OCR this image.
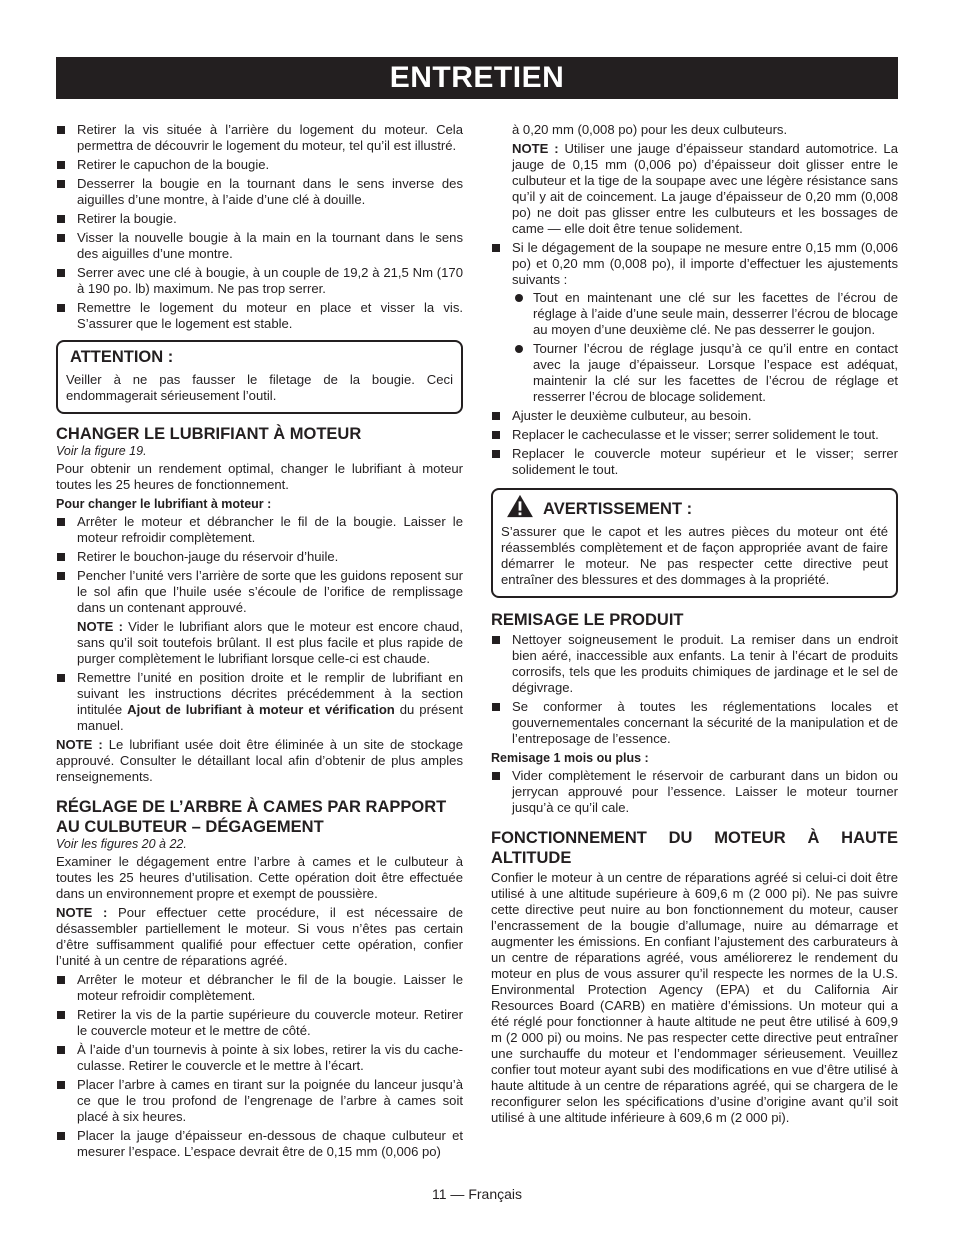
ENTRETIEN
Retirer la vis située à l’arrière du logement du moteur. Cela permettra de découvrir le logement du moteur, tel qu’il est illustré.
Retirer le capuchon de la bougie.
Desserrer la bougie en la tournant dans le sens inverse des aiguilles d’une montre, à l’aide d’une clé à douille.
Retirer la bougie.
Visser la nouvelle bougie à la main en la tournant dans le sens des aiguilles d’une montre.
Serrer avec une clé à bougie, à un couple de 19,2 à 21,5 Nm (170 à 190 po. lb) maximum. Ne pas trop serrer.
Remettre le logement du moteur en place et visser la vis. S’assurer que le logement est stable.
ATTENTION :

Veiller à ne pas fausser le filetage de la bougie. Ceci endommagerait sérieusement l’outil.

CHANGER LE LUBRIFIANT À MOTEUR
Voir la figure 19.

Pour obtenir un rendement optimal, changer le lubrifiant à moteur toutes les 25 heures de fonctionnement.

Pour changer le lubrifiant à moteur :
Arrêter le moteur et débrancher le fil de la bougie. Laisser le moteur refroidir complètement.
Retirer le bouchon-jauge du réservoir d’huile.
Pencher l’unité vers l’arrière de sorte que les guidons reposent sur le sol afin que l’huile usée s’écoule de l’orifice de remplissage dans un contenant approuvé.
NOTE : Vider le lubrifiant alors que le moteur est encore chaud, sans qu’il soit toutefois brûlant. Il est plus facile et plus rapide de purger complètement le lubrifiant lorsque celle-ci est chaude.
Remettre l’unité en position droite et le remplir de lubrifiant en suivant les instructions décrites précédemment à la section intitulée Ajout de lubrifiant à moteur et vérification du présent manuel.

NOTE : Le lubrifiant usée doit être éliminée à un site de stockage approuvé. Consulter le détaillant local afin d’obtenir de plus amples renseignements.

RÉGLAGE DE L’ARBRE À CAMES PAR RAPPORT AU CULBUTEUR – DÉGAGEMENT
Voir les figures 20 à 22.

Examiner le dégagement entre l’arbre à cames et le culbuteur à toutes les 25 heures d’utilisation. Cette opération doit être effectuée dans un environnement propre et exempt de poussière.

NOTE : Pour effectuer cette procédure, il est nécessaire de désassembler partiellement le moteur. Si vous n’êtes pas certain d’être suffisamment qualifié pour effectuer cette opération, confier l’unité à un centre de réparations agréé.

Arrêter le moteur et débrancher le fil de la bougie. Laisser le moteur refroidir complètement.
Retirer la vis de la partie supérieure du couvercle moteur. Retirer le couvercle moteur et le mettre de côté.
À l’aide d’un tournevis à pointe à six lobes, retirer la vis du cache-culasse. Retirer le couvercle et le mettre à l’écart.
Placer l’arbre à cames en tirant sur la poignée du lanceur jusqu’à ce que le trou profond de l’engrenage de l’arbre à cames soit placé à six heures.
Placer la jauge d’épaisseur en-dessous de chaque culbuteur et mesurer l’espace. L’espace devrait être de 0,15 mm (0,006 po)
à 0,20 mm (0,008 po) pour les deux culbuteurs.
NOTE : Utiliser une jauge d’épaisseur standard automotrice. La jauge de 0,15 mm (0,006 po) d’épaisseur doit glisser entre le culbuteur et la tige de la soupape avec une légère résistance sans qu’il y ait de coincement. La jauge d’épaisseur de 0,20 mm (0,008 po) ne doit pas glisser entre les culbuteurs et les bossages de came — elle doit être tenue solidement.
Si le dégagement de la soupape ne mesure entre 0,15 mm (0,006 po) et 0,20 mm (0,008 po), il importe d’effectuer les ajustements suivants :
Tout en maintenant une clé sur les facettes de l’écrou de réglage à l’aide d’une seule main, desserrer l’écrou de blocage au moyen d’une deuxième clé. Ne pas desserrer le goujon.
Tourner l’écrou de réglage jusqu’à ce qu’il entre en contact avec la jauge d’épaisseur. Lorsque l’espace est adéquat, maintenir la clé sur les facettes de l’écrou de réglage et resserrer l’écrou de blocage solidement.
Ajuster le deuxième culbuteur, au besoin.
Replacer le cacheculasse et le visser; serrer solidement le tout.
Replacer le couvercle moteur supérieur et le visser; serrer solidement le tout.
AVERTISSEMENT :

S’assurer que le capot et les autres pièces du moteur ont été réassemblés complètement et de façon appropriée avant de faire démarrer le moteur. Ne pas respecter cette directive peut entraîner des blessures et des dommages à la propriété.

REMISAGE LE PRODUIT
Nettoyer soigneusement le produit. La remiser dans un endroit bien aéré, inaccessible aux enfants. La tenir à l’écart de produits corrosifs, tels que les produits chimiques de jardinage et le sel de dégivrage.
Se conformer à toutes les réglementations locales et gouvernementales concernant la sécurité de la manipulation et de l’entreposage de l’essence.
Remisage 1 mois ou plus :
Vider complètement le réservoir de carburant dans un bidon ou jerrycan approuvé pour l’essence. Laisser le moteur tourner jusqu’à ce qu’il cale.
FONCTIONNEMENT DU MOTEUR À HAUTE ALTITUDE

Confier le moteur à un centre de réparations agréé si celui-ci doit être utilisé à une altitude supérieure à 609,6 m (2 000 pi). Ne pas suivre cette directive peut nuire au bon fonctionnement du moteur, causer l’encrassement de la bougie d’allumage, nuire au démarrage et augmenter les émissions. En confiant l’ajustement des carburateurs à un centre de réparations agréé, vous améliorerez le rendement du moteur en plus de vous assurer qu’il respecte les normes de la U.S. Environmental Protection Agency (EPA) et du California Air Resources Board (CARB) en matière d’émissions. Un moteur qui a été réglé pour fonctionner à haute altitude ne peut être utilisé à 609,9 m (2 000 pi) ou moins. Ne pas respecter cette directive peut entraîner une surchauffe du moteur et l’endommager sérieusement. Veuillez confier tout moteur ayant subi des modifications en vue d’être utilisé à haute altitude à un centre de réparations agréé, qui se chargera de le reconfigurer selon les spécifications d’usine d’origine avant qu’il soit utilisé à une altitude inférieure à 609,6 m (2 000 pi).

11 — Français
